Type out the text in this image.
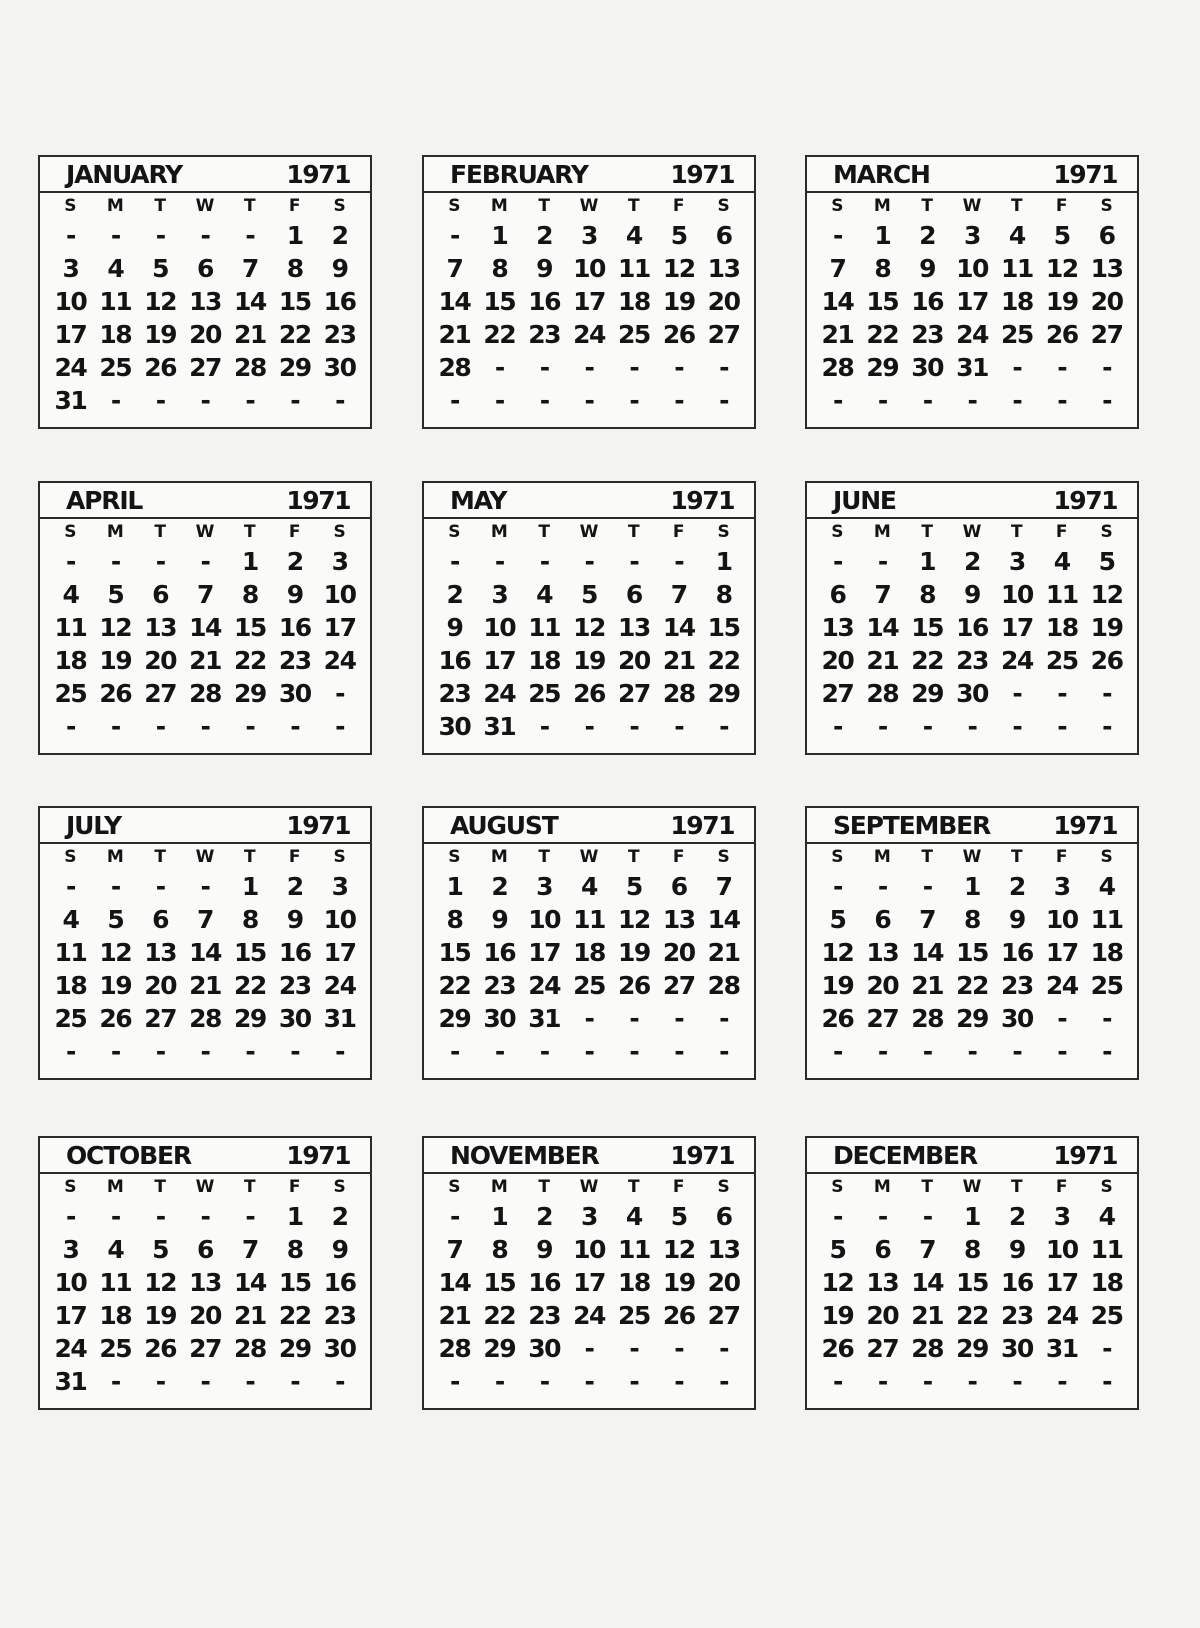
JANUARY	1971
S	M	T	W	T	F	S
-	-	-	-	-	1	2
3	4	5	6	7	8	9
10 11 12 13 14 15 16
17 18 19 20 21 22 23
24 25 26 27 28 29 30
31 -	-	-	-	-	-
FEBRUARY	1971
S	M	T	W	T	F	S
-	1	2	3	4	5	6
7	8	9 10 11 12 13
14 15 16 17 18 19 20
21 22 23 24 25 26 27
28 -	-	-	-	-	-
-	-	-	-	-	-	-
MARCH	1971
S	M	T	W	T	F	S
-	1	2	3	4	5	6
7	8	9 10 11 12 13
14 15 16 17 18 19 20
21 22 23 24 25 26 27
28 29 30 31 -	-	-
-	-	-	-	-	-	-
APRIL	1971
S	M	T	W	T	F	S
-	-	-	-	1	2	3
4	5	6	7	8	9 10
11 12 13 14 15 16 17
18 19 20 21 22 23 24
25 26 27 28 29 30 -
-	-	-	-	-	-	-
MAY	1971
S	M	T	W	T	F	S
-	-	-	-	-	-	1
2	3	4	5	6	7	8
9 10 11 12 13 14 15
16 17 18 19 20 21 22
23 24 25 26 27 28 29
30 31 -	-	-	-	-
JUNE	1971
S	M	T	W	T	F	S
-	-	1	2	3	4	5
6	7	8	9 10 11 12
13 14 15 16 17 18 19
20 21 22 23 24 25 26
27 28 29 30 -	-	-
-	-	-	-	-	-	-
JULY	1971
S	M	T	W	T	F	S
-	-	-	-	1	2	3
4	5	6	7	8	9 10
11 12 13 14 15 16 17
18 19 20 21 22 23 24
25 26 27 28 29 30 31
-	-	-	-	-	-	-
AUGUST	1971
S	M	T	W	T	F	S
1	2	3	4	5	6	7
8	9 10 11 12 13 14
15 16 17 18 19 20 21
22 23 24 25 26 27 28
29 30 31 -	-	-	-
-	-	-	-	-	-	-
SEPTEMBER	1971
S	M	T	W	T	F	S
-	-	-	1	2	3	4
5	6	7	8	9 10 11
12 13 14 15 16 17 18
19 20 21 22 23 24 25
26 27 28 29 30 -	-
-	-	-	-	-	-	-
OCTOBER	1971
S	M	T	W	T	F	S
-	-	-	-	-	1	2
3	4	5	6	7	8	9
10 11 12 13 14 15 16
17 18 19 20 21 22 23
24 25 26 27 28 29 30
31 -	-	-	-	-	-
NOVEMBER	1971
S	M	T	W	T	F	S
-	1	2	3	4	5	6
7	8	9 10 11 12 13
14 15 16 17 18 19 20
21 22 23 24 25 26 27
28 29 30 -	-	-	-
-	-	-	-	-	-	-
DECEMBER	1971
S	M	T	W	T	F	S
-	-	-	1	2	3	4
5	6	7	8	9 10 11
12 13 14 15 16 17 18
19 20 21 22 23 24 25
26 27 28 29 30 31 -
-	-	-	-	-	-	-
